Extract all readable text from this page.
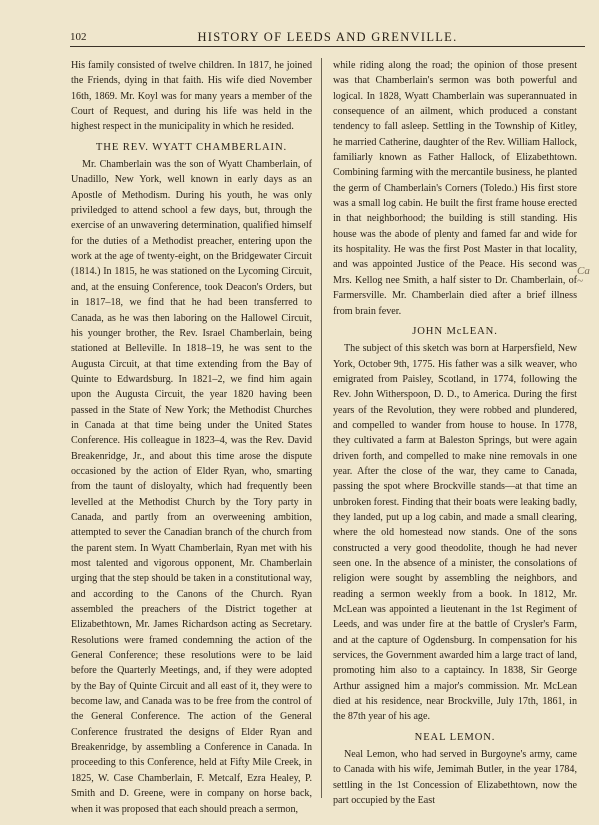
102	HISTORY OF LEEDS AND GRENVILLE.

His family consisted of twelve children. In 1817, he joined the Friends, dying in that faith. His wife died November 16th, 1869. Mr. Koyl was for many years a member of the Court of Request, and during his life was held in the highest respect in the municipality in which he resided.

THE REV. WYATT CHAMBERLAIN.

Mr. Chamberlain was the son of Wyatt Chamberlain, of Unadillo, New York, well known in early days as an Apostle of Methodism. During his youth, he was only priviledged to attend school a few days, but, through the exercise of an unwavering determination, qualified himself for the duties of a Methodist preacher, entering upon the work at the age of twenty-eight, on the Bridgewater Circuit (1814.) In 1815, he was stationed on the Lycoming Circuit, and, at the ensuing Conference, took Deacon's Orders, but in 1817–18, we find that he had been transferred to Canada, as he was then laboring on the Hallowel Circuit, his younger brother, the Rev. Israel Chamberlain, being stationed at Belleville. In 1818–19, he was sent to the Augusta Circuit, at that time extending from the Bay of Quinte to Edwardsburg. In 1821–2, we find him again upon the Augusta Circuit, the year 1820 having been passed in the State of New York; the Methodist Churches in Canada at that time being under the United States Conference. His colleague in 1823–4, was the Rev. David Breakenridge, Jr., and about this time arose the dispute occasioned by the action of Elder Ryan, who, smarting from the taunt of disloyalty, which had frequently been levelled at the Methodist Church by the Tory party in Canada, and partly from an overweening ambition, attempted to sever the Canadian branch of the church from the parent stem. In Wyatt Chamberlain, Ryan met with his most talented and vigorous opponent, Mr. Chamberlain urging that the step should be taken in a constitutional way, and according to the Canons of the Church. Ryan assembled the preachers of the District together at Elizabethtown, Mr. James Richardson acting as Secretary. Resolutions were framed condemning the action of the General Conference; these resolutions were to be laid before the Quarterly Meetings, and, if they were adopted by the Bay of Quinte Circuit and all east of it, they were to become law, and Canada was to be free from the control of the General Conference. The action of the General Conference frustrated the designs of Elder Ryan and Breakenridge, by assembling a Conference in Canada. In proceeding to this Conference, held at Fifty Mile Creek, in 1825, W. Case Chamberlain, F. Metcalf, Ezra Healey, P. Smith and D. Greene, were in company on horse back, when it was proposed that each should preach a sermon,

while riding along the road; the opinion of those present was that Chamberlain's sermon was both powerful and logical. In 1828, Wyatt Chamberlain was superannuated in consequence of an ailment, which produced a constant tendency to fall asleep. Settling in the Township of Kitley, he married Catherine, daughter of the Rev. William Hallock, familiarly known as Father Hallock, of Elizabethtown. Combining farming with the mercantile business, he planted the germ of Chamberlain's Corners (Toledo.) His first store was a small log cabin. He built the first frame house erected in that neighborhood; the building is still standing. His house was the abode of plenty and famed far and wide for its hospitality. He was the first Post Master in that locality, and was appointed Justice of the Peace. His second was Mrs. Kellog nee Smith, a half sister to Dr. Chamberlain, of Farmersville. Mr. Chamberlain died after a brief illness from brain fever.

JOHN McLEAN.

The subject of this sketch was born at Harpersfield, New York, October 9th, 1775. His father was a silk weaver, who emigrated from Paisley, Scotland, in 1774, following the Rev. John Witherspoon, D. D., to America. During the first years of the Revolution, they were robbed and plundered, and compelled to wander from house to house. In 1778, they cultivated a farm at Baleston Springs, but were again driven forth, and compelled to make nine removals in one year. After the close of the war, they came to Canada, passing the spot where Brockville stands—at that time an unbroken forest. Finding that their boats were leaking badly, they landed, put up a log cabin, and made a small clearing, where the old homestead now stands. One of the sons constructed a very good theodolite, though he had never seen one. In the absence of a minister, the consolations of religion were sought by assembling the neighbors, and reading a sermon weekly from a book. In 1812, Mr. McLean was appointed a lieutenant in the 1st Regiment of Leeds, and was under fire at the battle of Crysler's Farm, and at the capture of Ogdensburg. In compensation for his services, the Government awarded him a large tract of land, promoting him also to a captaincy. In 1838, Sir George Arthur assigned him a major's commission. Mr. McLean died at his residence, near Brockville, July 17th, 1861, in the 87th year of his age.

NEAL LEMON.

Neal Lemon, who had served in Burgoyne's army, came to Canada with his wife, Jemimah Butler, in the year 1784, settling in the 1st Concession of Elizabethtown, now the part occupied by the East

Ca
~
